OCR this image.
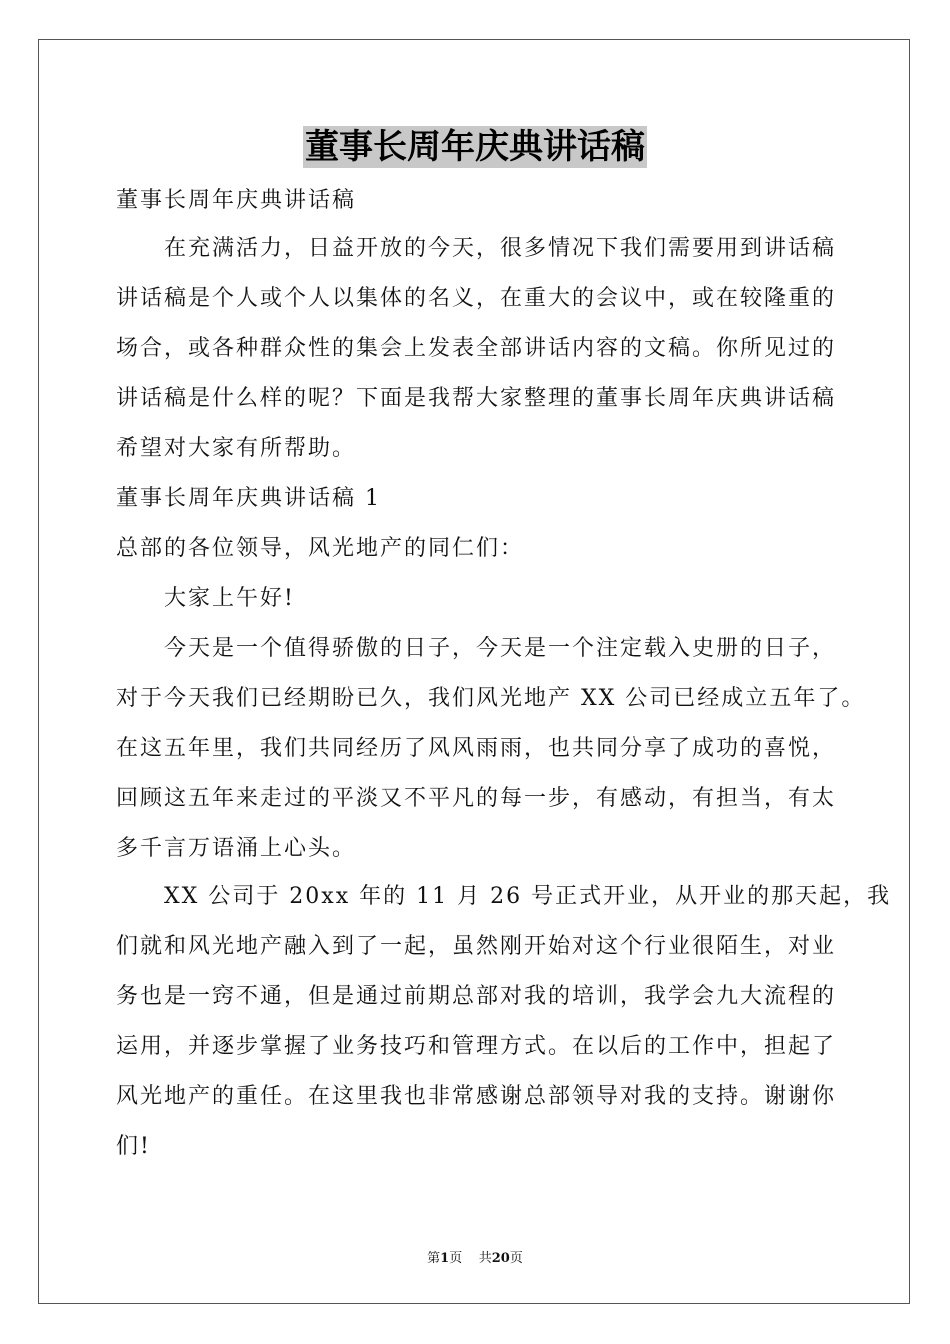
董事长周年庆典讲话稿
董事长周年庆典讲话稿
在充满活力，日益开放的今天，很多情况下我们需要用到讲话稿
讲话稿是个人或个人以集体的名义，在重大的会议中，或在较隆重的
场合，或各种群众性的集会上发表全部讲话内容的文稿。你所见过的
讲话稿是什么样的呢？下面是我帮大家整理的董事长周年庆典讲话稿
希望对大家有所帮助。
董事长周年庆典讲话稿 1
总部的各位领导，风光地产的同仁们：
大家上午好!
今天是一个值得骄傲的日子，今天是一个注定载入史册的日子，
对于今天我们已经期盼已久，我们风光地产 XX 公司已经成立五年了。
在这五年里，我们共同经历了风风雨雨，也共同分享了成功的喜悦，
回顾这五年来走过的平淡又不平凡的每一步，有感动，有担当，有太
多千言万语涌上心头。
XX 公司于 20xx 年的 11 月 26 号正式开业，从开业的那天起，我
们就和风光地产融入到了一起，虽然刚开始对这个行业很陌生，对业
务也是一窍不通，但是通过前期总部对我的培训，我学会九大流程的
运用，并逐步掌握了业务技巧和管理方式。在以后的工作中，担起了
风光地产的重任。在这里我也非常感谢总部领导对我的支持。谢谢你
们!
第1页 共20页
